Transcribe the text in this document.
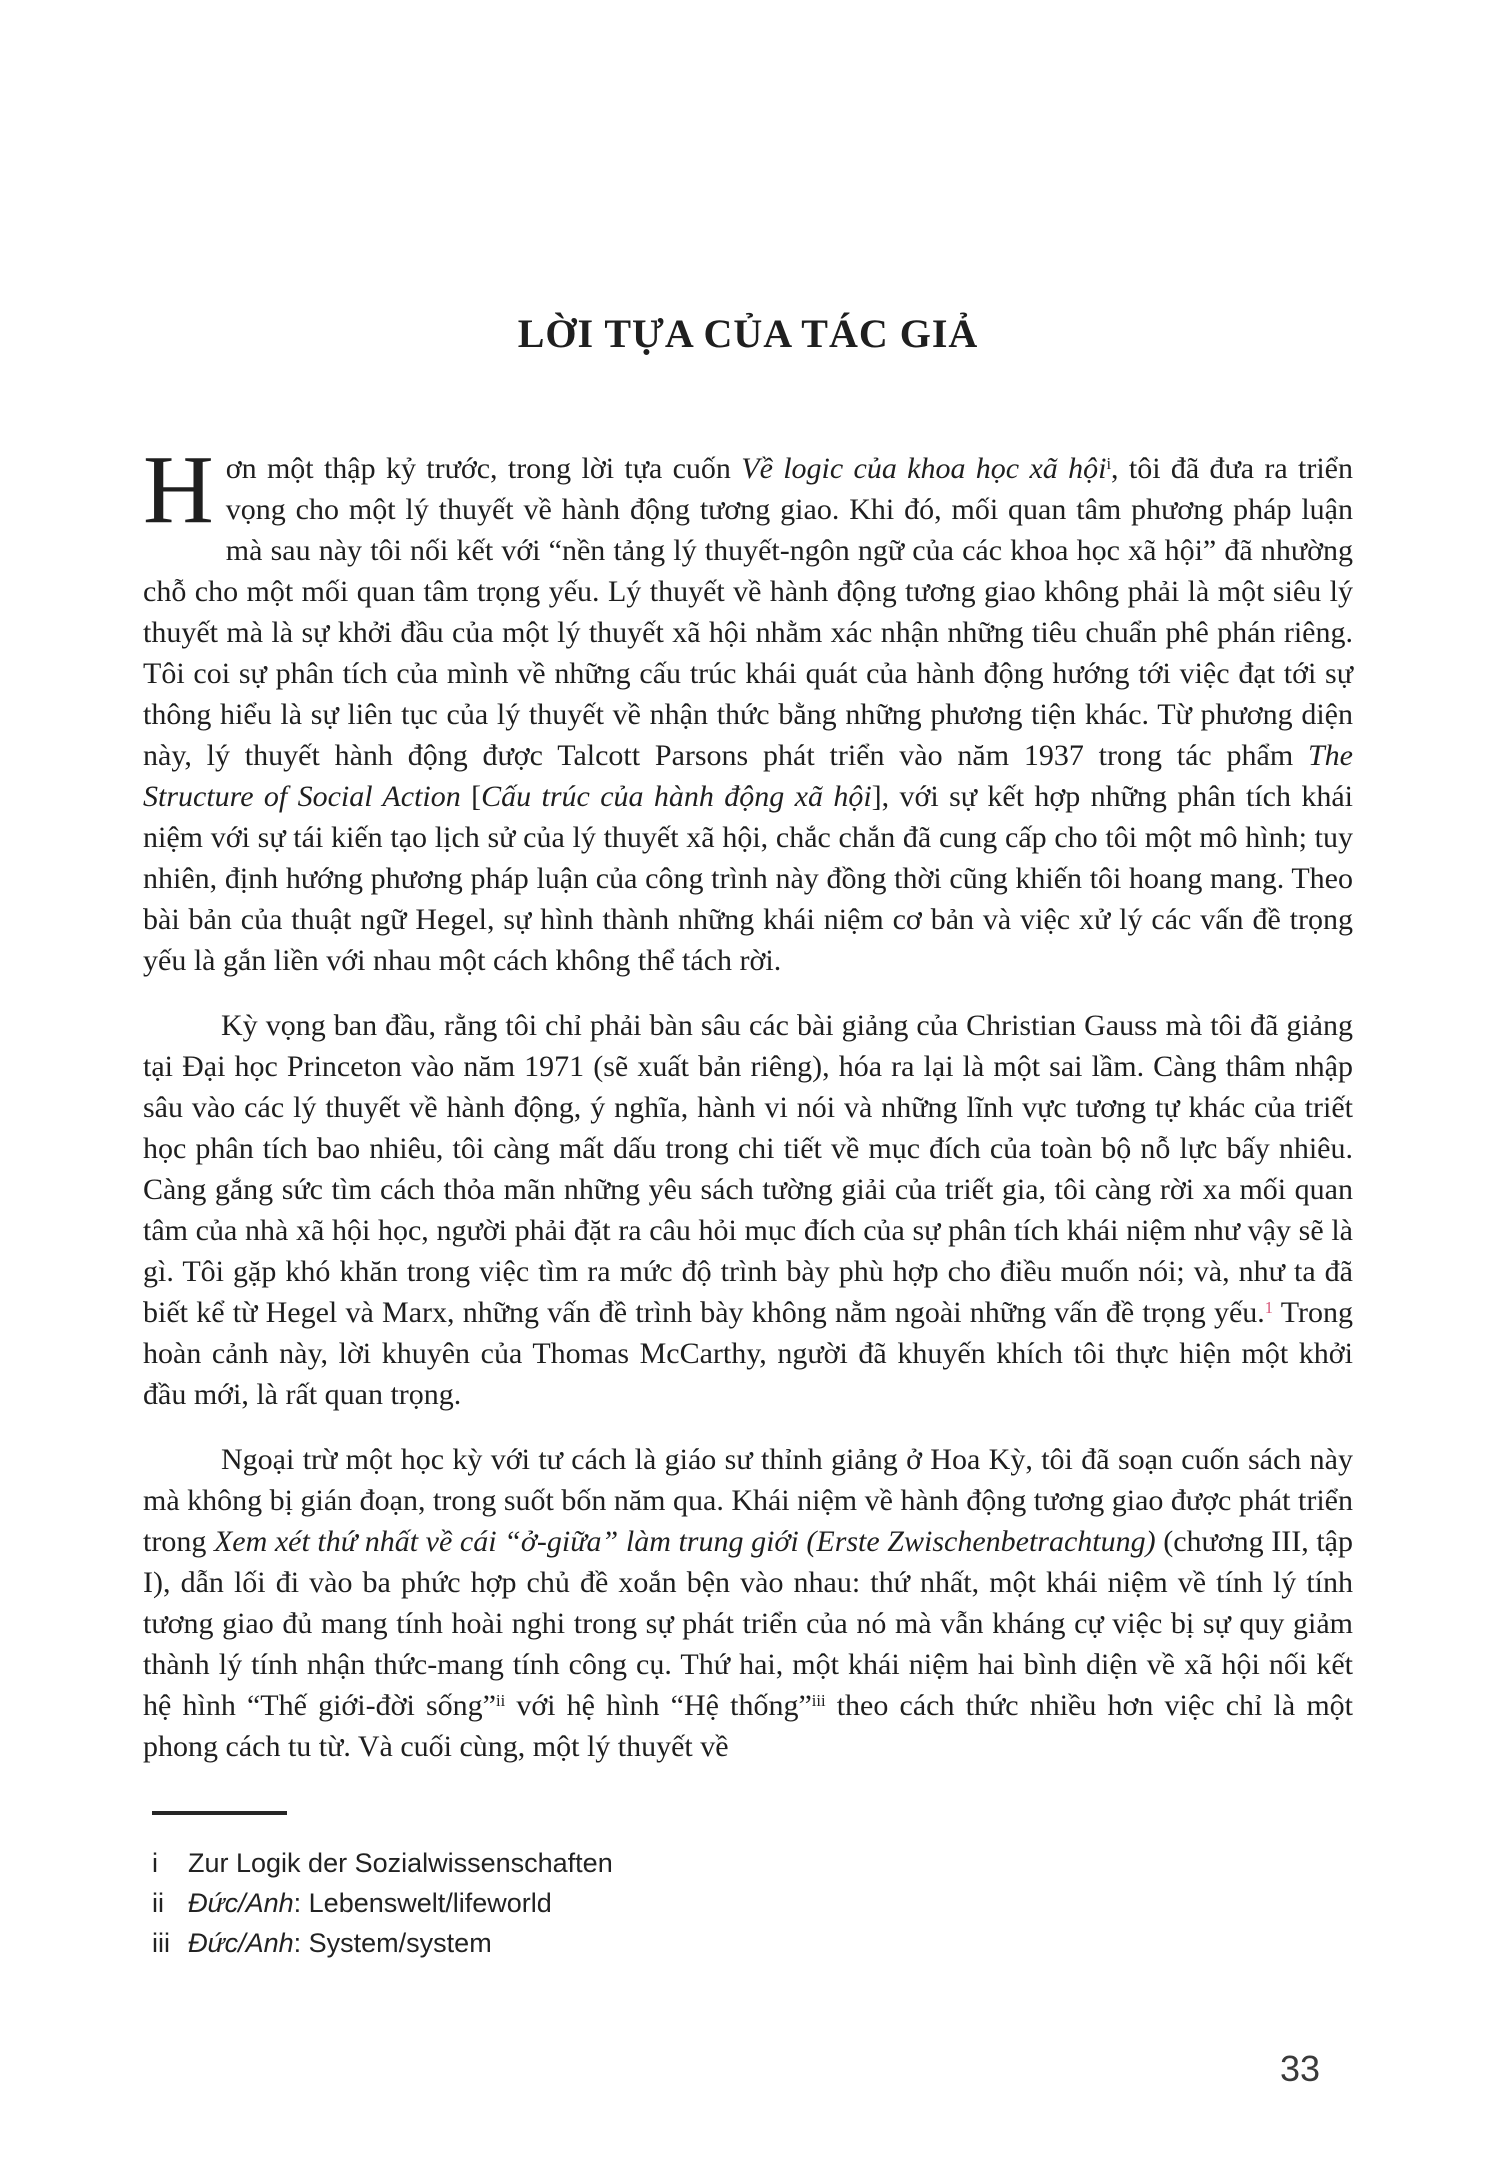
LỜI TỰA CỦA TÁC GIẢ

Hơn một thập kỷ trước, trong lời tựa cuốn Về logic của khoa học xã hội$^i$, tôi đã đưa ra triển vọng cho một lý thuyết về hành động tương giao. Khi đó, mối quan tâm phương pháp luận mà sau này tôi nối kết với “nền tảng lý thuyết-ngôn ngữ của các khoa học xã hội” đã nhường chỗ cho một mối quan tâm trọng yếu. Lý thuyết về hành động tương giao không phải là một siêu lý thuyết mà là sự khởi đầu của một lý thuyết xã hội nhằm xác nhận những tiêu chuẩn phê phán riêng. Tôi coi sự phân tích của mình về những cấu trúc khái quát của hành động hướng tới việc đạt tới sự thông hiểu là sự liên tục của lý thuyết về nhận thức bằng những phương tiện khác. Từ phương diện này, lý thuyết hành động được Talcott Parsons phát triển vào năm 1937 trong tác phẩm The Structure of Social Action [Cấu trúc của hành động xã hội], với sự kết hợp những phân tích khái niệm với sự tái kiến tạo lịch sử của lý thuyết xã hội, chắc chắn đã cung cấp cho tôi một mô hình; tuy nhiên, định hướng phương pháp luận của công trình này đồng thời cũng khiến tôi hoang mang. Theo bài bản của thuật ngữ Hegel, sự hình thành những khái niệm cơ bản và việc xử lý các vấn đề trọng yếu là gắn liền với nhau một cách không thể tách rời.

Kỳ vọng ban đầu, rằng tôi chỉ phải bàn sâu các bài giảng của Christian Gauss mà tôi đã giảng tại Đại học Princeton vào năm 1971 (sẽ xuất bản riêng), hóa ra lại là một sai lầm. Càng thâm nhập sâu vào các lý thuyết về hành động, ý nghĩa, hành vi nói và những lĩnh vực tương tự khác của triết học phân tích bao nhiêu, tôi càng mất dấu trong chi tiết về mục đích của toàn bộ nỗ lực bấy nhiêu. Càng gắng sức tìm cách thỏa mãn những yêu sách tường giải của triết gia, tôi càng rời xa mối quan tâm của nhà xã hội học, người phải đặt ra câu hỏi mục đích của sự phân tích khái niệm như vậy sẽ là gì. Tôi gặp khó khăn trong việc tìm ra mức độ trình bày phù hợp cho điều muốn nói; và, như ta đã biết kể từ Hegel và Marx, những vấn đề trình bày không nằm ngoài những vấn đề trọng yếu.$^1$ Trong hoàn cảnh này, lời khuyên của Thomas McCarthy, người đã khuyến khích tôi thực hiện một khởi đầu mới, là rất quan trọng.

Ngoại trừ một học kỳ với tư cách là giáo sư thỉnh giảng ở Hoa Kỳ, tôi đã soạn cuốn sách này mà không bị gián đoạn, trong suốt bốn năm qua. Khái niệm về hành động tương giao được phát triển trong Xem xét thứ nhất về cái “ở-giữa” làm trung giới (Erste Zwischenbetrachtung) (chương III, tập I), dẫn lối đi vào ba phức hợp chủ đề xoắn bện vào nhau: thứ nhất, một khái niệm về tính lý tính tương giao đủ mang tính hoài nghi trong sự phát triển của nó mà vẫn kháng cự việc bị sự quy giảm thành lý tính nhận thức-mang tính công cụ. Thứ hai, một khái niệm hai bình diện về xã hội nối kết hệ hình “Thế giới-đời sống”$^{ii}$ với hệ hình “Hệ thống”$^{iii}$ theo cách thức nhiều hơn việc chỉ là một phong cách tu từ. Và cuối cùng, một lý thuyết về

i	Zur Logik der Sozialwissenschaften
ii Đức/Anh: Lebenswelt/lifeworld
iii Đức/Anh: System/system
33
